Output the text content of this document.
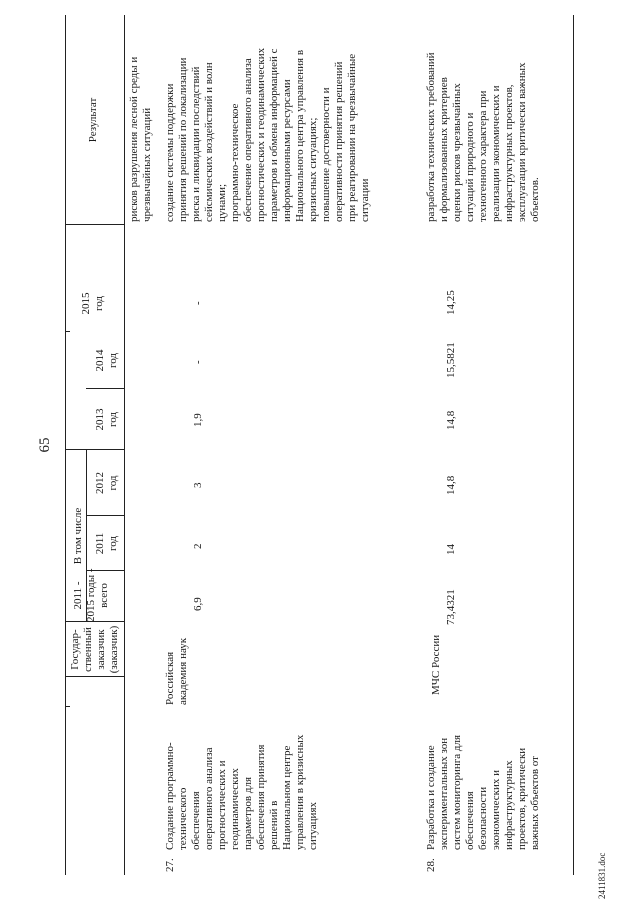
65
Государ- ственный заказчик (заказчик)
2011 - 2015 годы - всего
В том числе 2011 год
2012 год
2013 год
2014 год
2015 год
Результат	рисков разрушения лесной среды и чрезвычайных ситуаций
27.
Создание программно- технического обеспечения оперативного анализа прогностических и геодинамических параметров для обеспечения принятия решений в Национальном центре управления в кризисных ситуациях
Российская академия наук
6,9
2
3
1,9
-
-
создание системы поддержки принятия решений по локализации риска и ликвидации последствий сейсмических воздействий и волн цунами; программно-техническое обеспечение оперативного анализа прогностических и геодинамических параметров и обмена информацией с информационными ресурсами Национального центра управления в кризисных ситуациях; повышение достоверности и оперативности принятия решений при реагировании на чрезвычайные ситуации
28.
Разработка и создание экспериментальных зон систем мониторинга для обеспечения безопасности экономических и инфраструктурных проектов, критически важных объектов от
МЧС России
73,4321
14
14,8
14,8
15,5821
14,25
разработка технических требований и формализованных критериев оценки рисков чрезвычайных ситуаций природного и техногенного характера при реализации экономических и инфраструктурных проектов, эксплуатации критически важных объектов.
2411831.doc
